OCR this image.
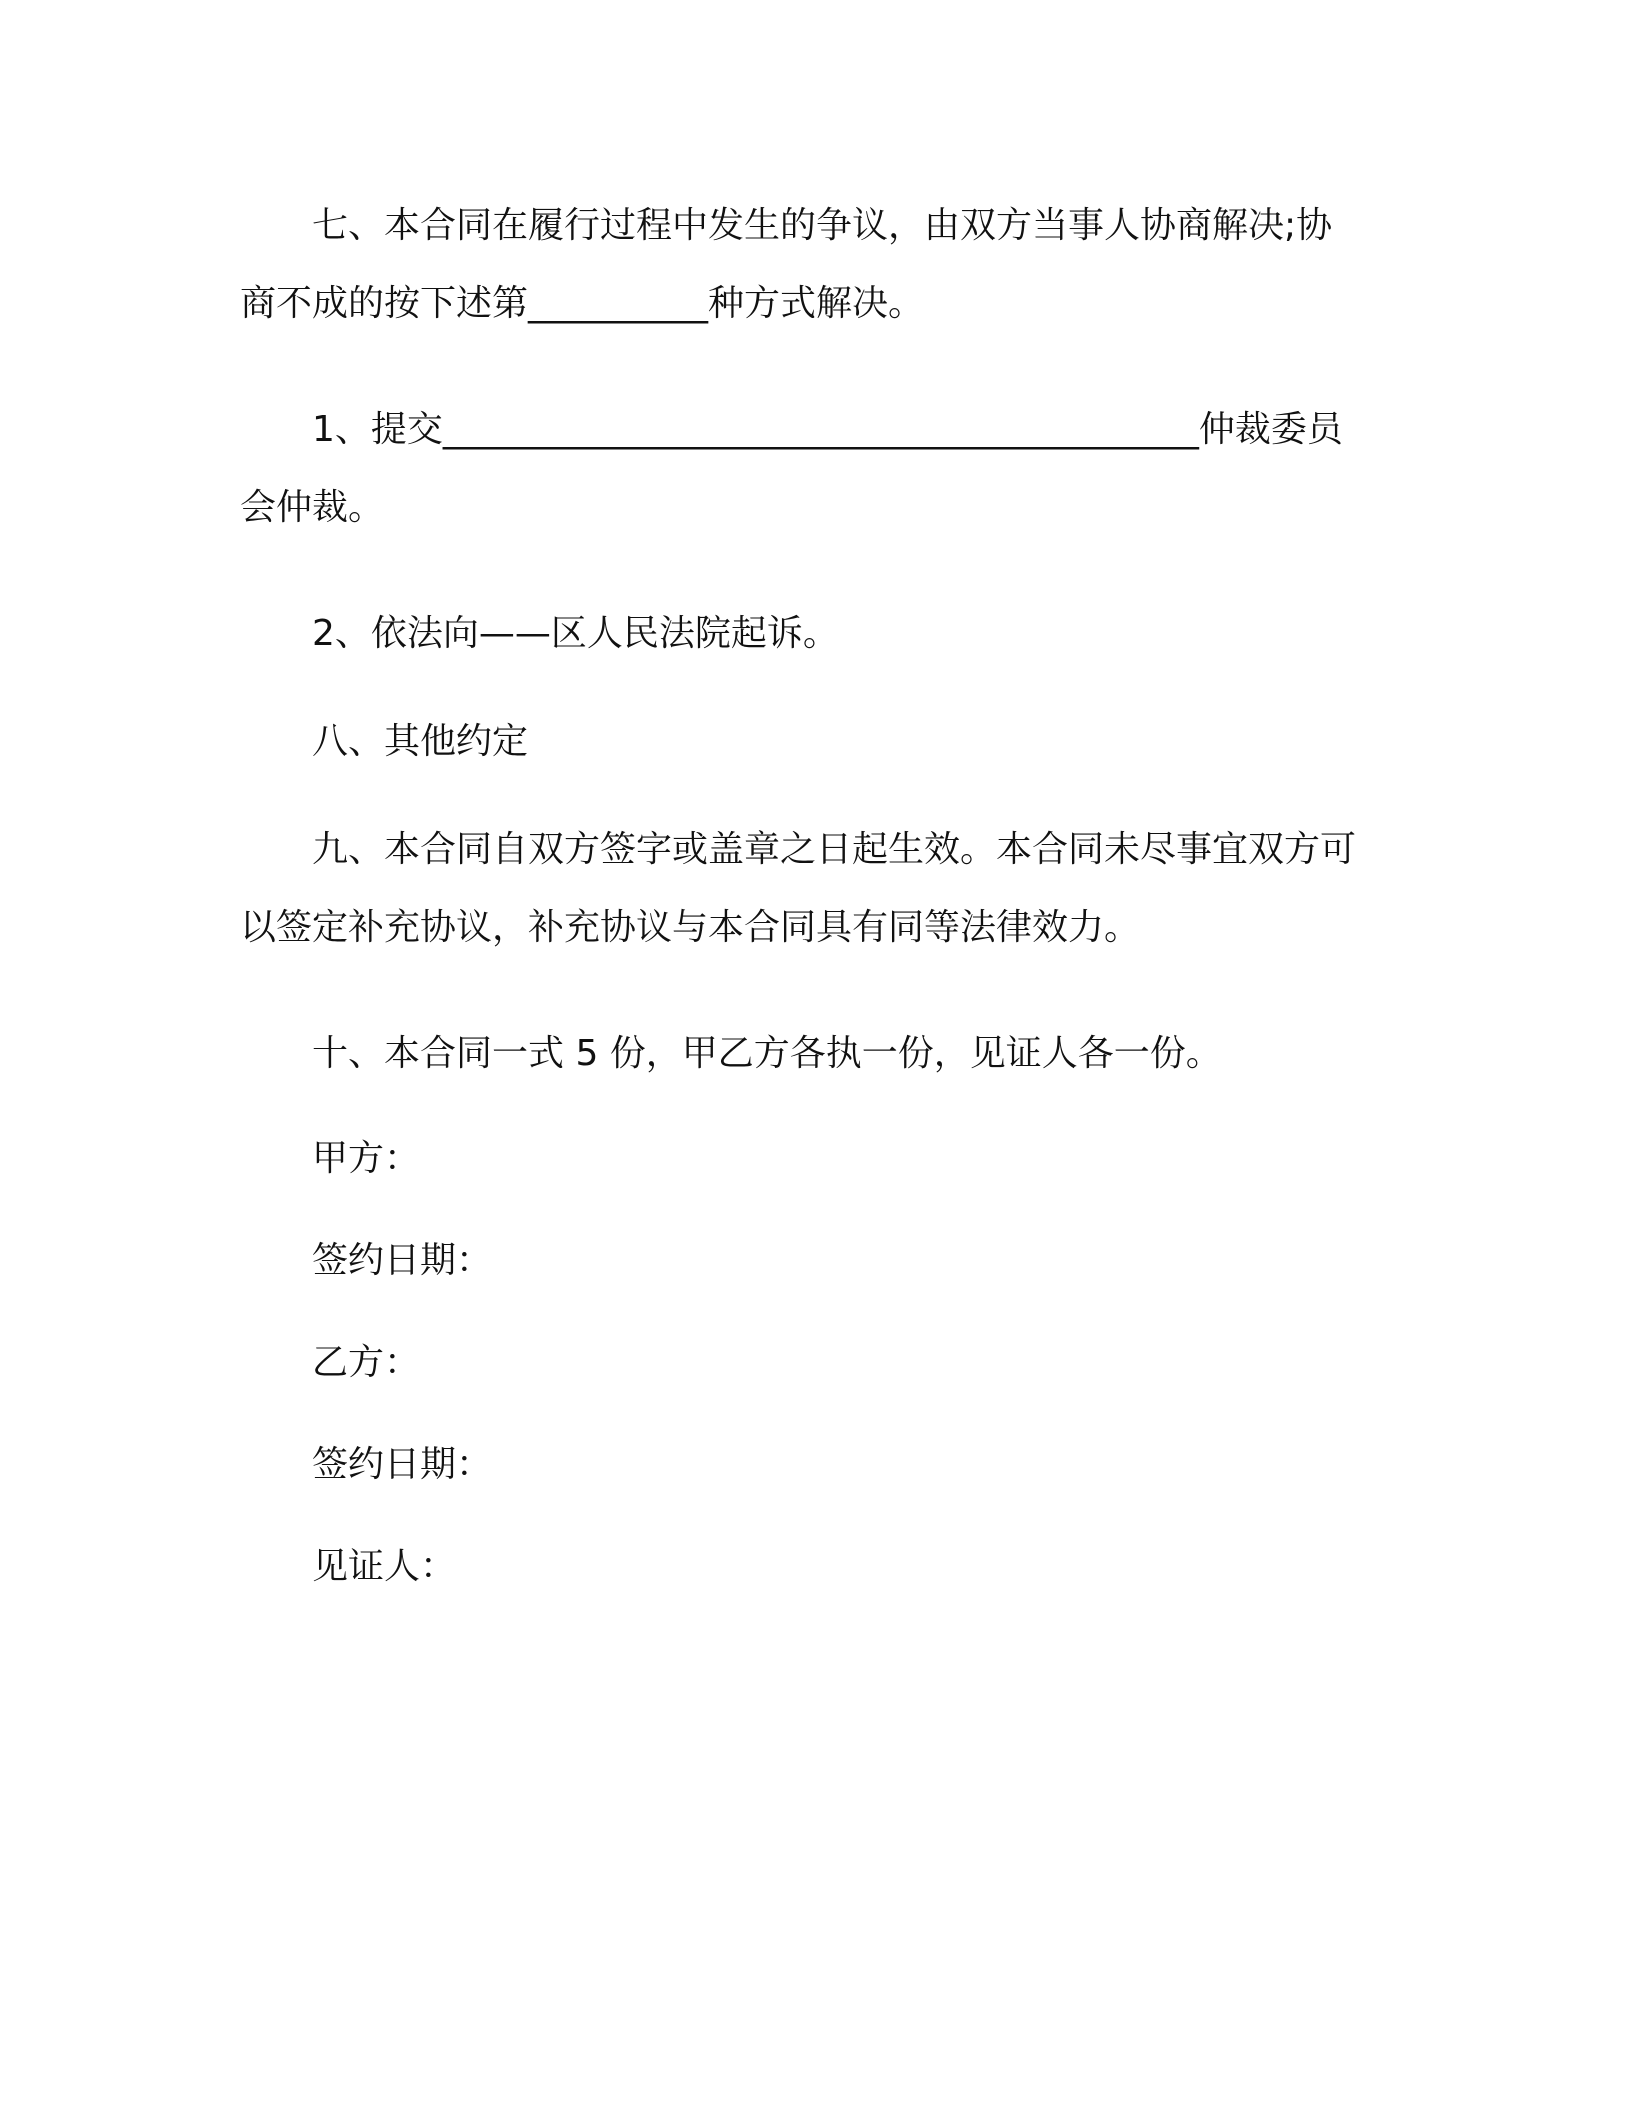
七、本合同在履行过程中发生的争议，由双方当事人协商解决;协商不成的按下述第__________种方式解决。

1、提交__________________________________________仲裁委员会仲裁。

2、依法向——区人民法院起诉。

八、其他约定

九、本合同自双方签字或盖章之日起生效。本合同未尽事宜双方可以签定补充协议，补充协议与本合同具有同等法律效力。

十、本合同一式 5 份，甲乙方各执一份，见证人各一份。

甲方：
签约日期：
乙方：
签约日期：
见证人：
